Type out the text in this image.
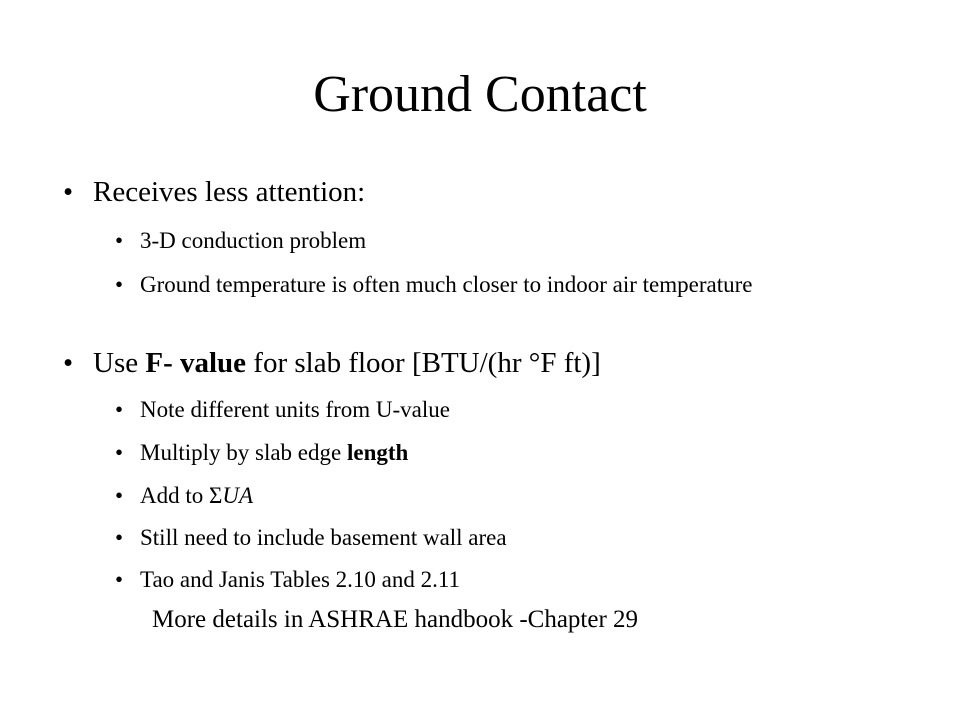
Ground Contact
• Receives less attention:
• 3-D conduction problem
• Ground temperature is often much closer to indoor air temperature
• Use F- value for slab floor [BTU/(hr °F ft)]
• Note different units from U-value
• Multiply by slab edge length
• Add to ΣUA
• Still need to include basement wall area
• Tao and Janis Tables 2.10 and 2.11
More details in ASHRAE handbook -Chapter 29
